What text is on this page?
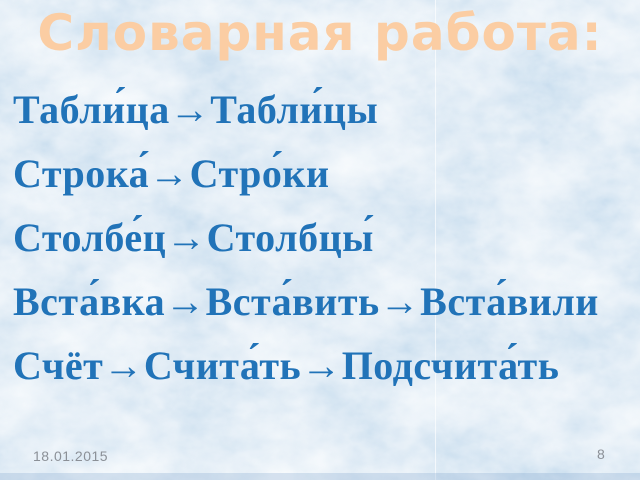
Словарная работа:
Табли́ца→Табли́цы
Строка́→Стро́ки
Столбе́ц→Столбцы́
Вста́вка→Вста́вить→Вста́вили
Счёт→Счита́ть→Подсчита́ть
18.01.2015	8
